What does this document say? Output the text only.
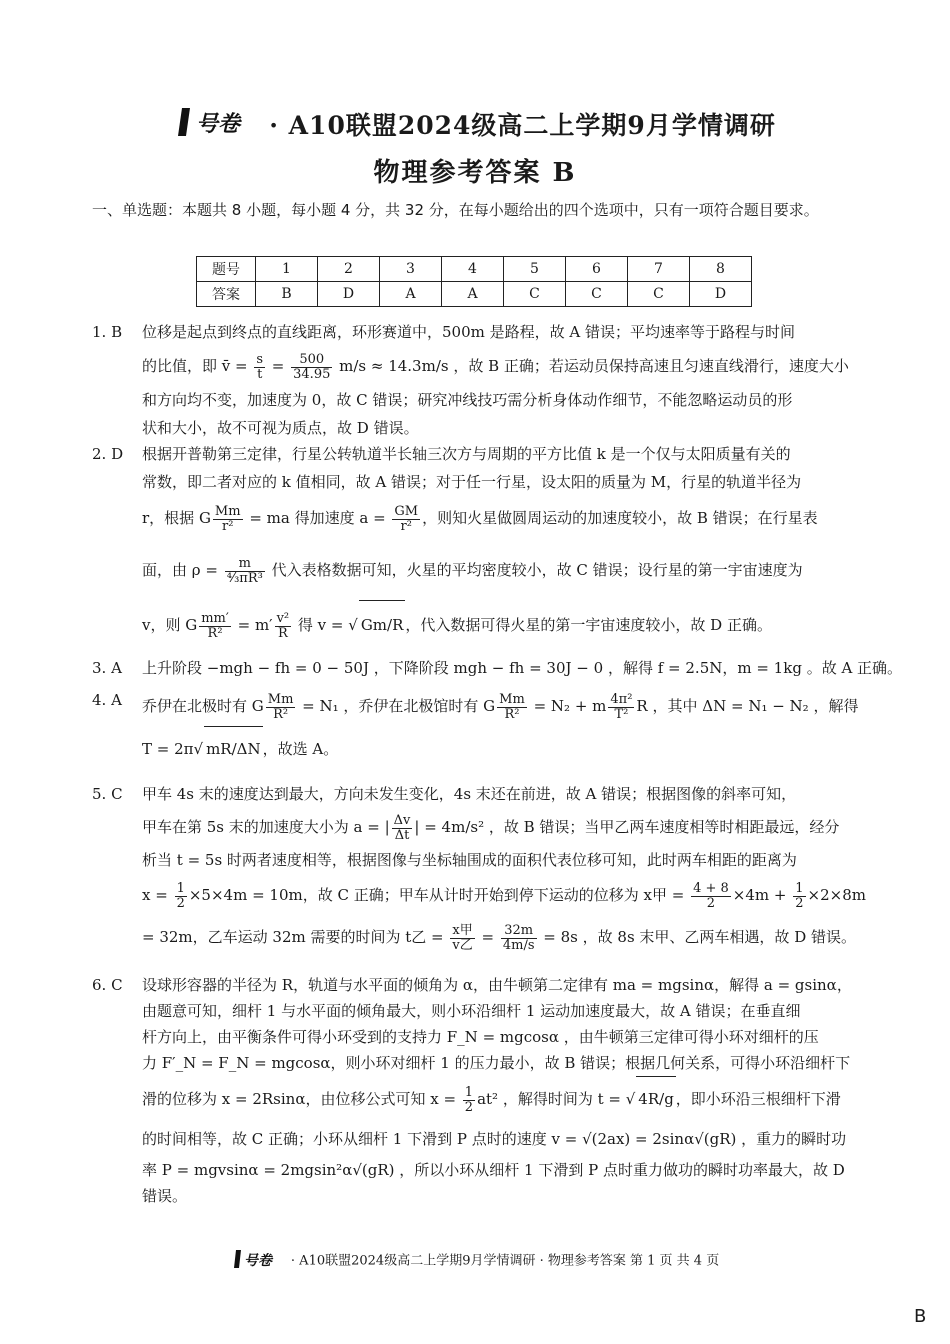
号卷 · A10联盟2024级高二上学期9月学情调研
物理参考答案 B
一、单选题：本题共 8 小题，每小题 4 分，共 32 分，在每小题给出的四个选项中，只有一项符合题目要求。
题号	1	2	3	4	5	6	7	8
答案	B	D	A	A	C	C	C	D
1. B 位移是起点到终点的直线距离，环形赛道中，500m 是路程，故 A 错误；平均速率等于路程与时间
的比值，即 v̄ = $\frac{s}{t} = \frac{500}{34.95} m/s \approx 14.3m/s$ ，故 B 正确；若运动员保持高速且匀速直线滑行，速度大小
和方向均不变，加速度为 0，故 C 错误；研究冲线技巧需分析身体动作细节，不能忽略运动员的形
状和大小，故不可视为质点，故 D 错误。
2. D 根据开普勒第三定律，行星公转轨道半长轴三次方与周期的平方比值 k 是一个仅与太阳质量有关的
常数，即二者对应的 k 值相同，故 A 错误；对于任一行星，设太阳的质量为 M，行星的轨道半径为
r，根据 G $\frac{Mm}{\text{r²}}$ = ma 得加速度 $a = \frac{GM}{\text{r²}}$ ，则知火星做圆周运动的加速度较小，故 B 错误；在行星表
面，由 $\rho = \frac{m}{\text{⁴⁄₃πR³}}$ 代入表格数据可知，火星的平均密度较小，故 C 错误；设行星的第一宇宙速度为
v，则 G $\frac{mm'}{\text{R²}} = m' \frac{\text{v²}}{R}$ 得 v = √ Gm/R ，代入数据可得火星的第一宇宙速度较小，故 D 正确。
3. A 上升阶段 −mgh − fh = 0 − 50J ，下降阶段 mgh − fh = 30J − 0 ，解得 f = 2.5N，m = 1kg 。故 A 正确。
4. A 乔伊在北极时有 G $\frac{Mm}{\text{R²}} = N_1$ ，乔伊在北极馆时有 G $\frac{Mm}{\text{R²}} = N_2 + m \frac{\text{4π²}}{\text{T²}}$ R ，其中 ΔN = N₁ − N₂ ，解得
T = 2π√ mR/ΔN ，故选 A。
5. C 甲车 4s 末的速度达到最大，方向未发生变化，4s 末还在前进，故 A 错误；根据图像的斜率可知，
甲车在第 5s 末的加速度大小为 a = | $\frac{\Delta v}{\Delta t}$ | = 4m/s² ，故 B 错误；当甲乙两车速度相等时相距最远，经分
析当 t = 5s 时两者速度相等，根据图像与坐标轴围成的面积代表位移可知，此时两车相距的距离为
$x = \frac{1}{2} \times 5\times 4m = 10m$，故 C 正确；甲车从计时开始到停下运动的位移为 x甲 = $\frac{4 + 8}{2} \times 4m + \frac{1}{2} \times 2\times 8m$
= 32m，乙车运动 32m 需要的时间为 t乙 = $\frac{\text{x甲}}{\text{v乙}} = \frac{32m}{4m/s} = 8s$ ，故 8s 末甲、乙两车相遇，故 D 错误。
6. C 设球形容器的半径为 R，轨道与水平面的倾角为 α，由牛顿第二定律有 ma = mgsinα，解得 a = gsinα，
由题意可知，细杆 1 与水平面的倾角最大，则小环沿细杆 1 运动加速度最大，故 A 错误；在垂直细
杆方向上，由平衡条件可得小环受到的支持力 F_N = mgcosα ，由牛顿第三定律可得小环对细杆的压
力 F′_N = F_N = mgcosα，则小环对细杆 1 的压力最小，故 B 错误；根据几何关系，可得小环沿细杆下
滑的位移为 x = 2Rsinα，由位移公式可知 $x = \frac{1}{2} at^2$ ，解得时间为 t = √ 4R/g ，即小环沿三根细杆下滑
的时间相等，故 C 正确；小环从细杆 1 下滑到 P 点时的速度 v = √(2ax) = 2sinα√(gR) ，重力的瞬时功
率 P = mgvsinα = 2mgsin²α√(gR) ，所以小环从细杆 1 下滑到 P 点时重力做功的瞬时功率最大，故 D
错误。
号卷 · A10联盟2024级高二上学期9月学情调研 · 物理参考答案 第 1 页 共 4 页
B
